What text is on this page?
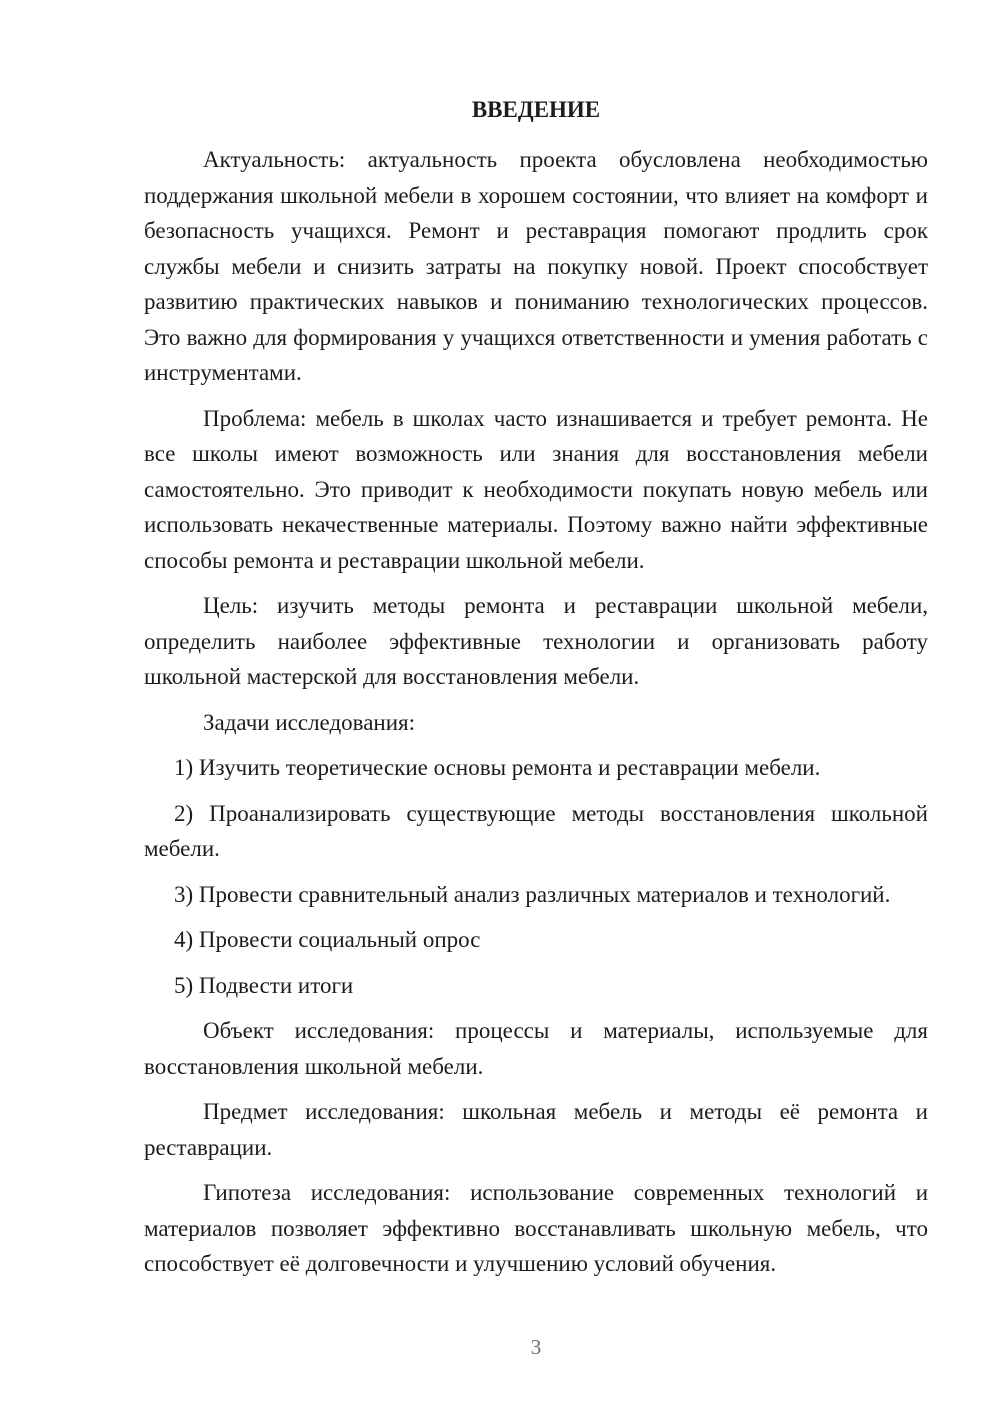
ВВЕДЕНИЕ

Актуальность: актуальность проекта обусловлена необходимостью поддержания школьной мебели в хорошем состоянии, что влияет на комфорт и безопасность учащихся. Ремонт и реставрация помогают продлить срок службы мебели и снизить затраты на покупку новой. Проект способствует развитию практических навыков и пониманию технологических процессов. Это важно для формирования у учащихся ответственности и умения работать с инструментами.

Проблема: мебель в школах часто изнашивается и требует ремонта. Не все школы имеют возможность или знания для восстановления мебели самостоятельно. Это приводит к необходимости покупать новую мебель или использовать некачественные материалы. Поэтому важно найти эффективные способы ремонта и реставрации школьной мебели.

Цель: изучить методы ремонта и реставрации школьной мебели, определить наиболее эффективные технологии и организовать работу школьной мастерской для восстановления мебели.

Задачи исследования:

1) Изучить теоретические основы ремонта и реставрации мебели.

2) Проанализировать существующие методы восстановления школьной мебели.

3) Провести сравнительный анализ различных материалов и технологий.

4) Провести социальный опрос

5) Подвести итоги

Объект исследования: процессы и материалы, используемые для восстановления школьной мебели.

Предмет исследования: школьная мебель и методы её ремонта и реставрации.

Гипотеза исследования: использование современных технологий и материалов позволяет эффективно восстанавливать школьную мебель, что способствует её долговечности и улучшению условий обучения.

3
